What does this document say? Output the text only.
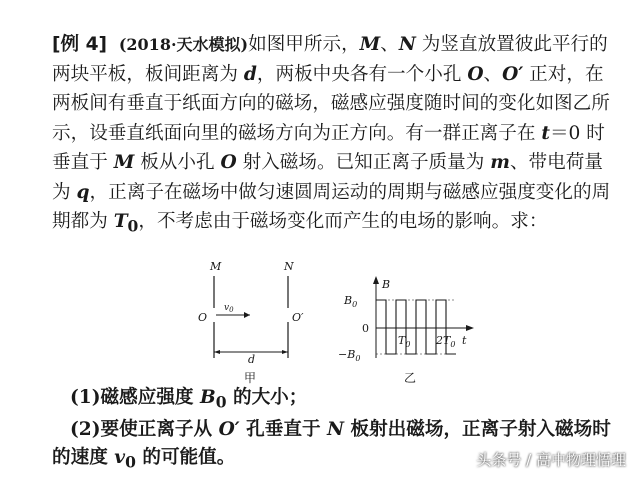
[例 4] (2018·天水模拟)如图甲所示，M、N 为竖直放置彼此平行的两块平板，板间距离为 d，两板中央各有一个小孔 O、O′ 正对，在两板间有垂直于纸面方向的磁场，磁感应强度随时间的变化如图乙所示，设垂直纸面向里的磁场方向为正方向。有一群正离子在 t＝0 时垂直于 M 板从小孔 O 射入磁场。已知正离子质量为 m、带电荷量为 q，正离子在磁场中做匀速圆周运动的周期与磁感应强度变化的周期都为 $T_0$，不考虑由于磁场变化而产生的电场的影响。求：

M	N
O	O′
$v_0$
d
甲
B
t
0
$B_0$
$-B_0$
$T_0$ $2T_0$
乙

(1)磁感应强度 $B_0$ 的大小；

(2)要使正离子从 O′ 孔垂直于 N 板射出磁场，正离子射入磁场时的速度 $v_0$ 的可能值。	头条号 / 高中物理悟理
